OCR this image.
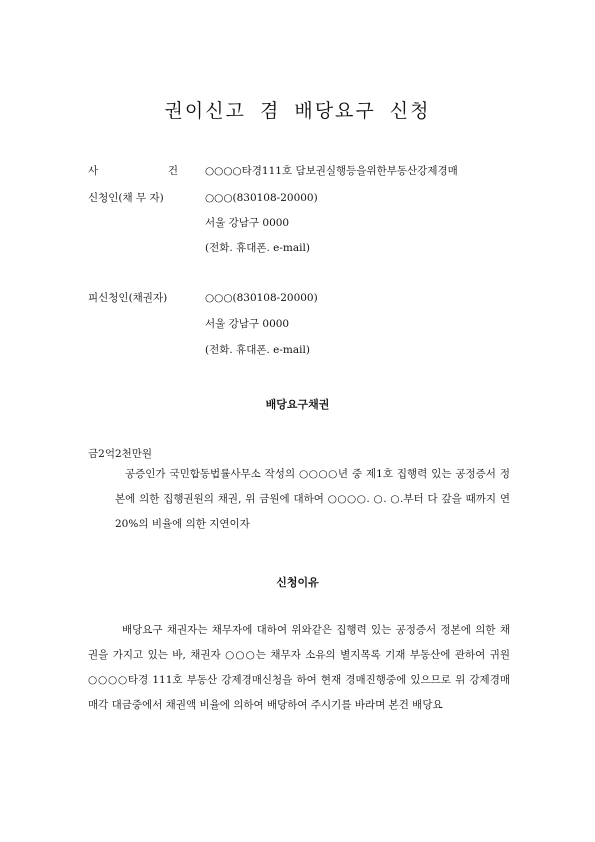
권이신고 겸 배당요구 신청
사	건	○○○○타경111호 담보권실행등을위한부동산강제경매
신청인(채 무 자)	○○○(830108-20000)
서울 강남구 0000
(전화. 휴대폰. e-mail)
피신청인(채권자)	○○○(830108-20000)
서울 강남구 0000
(전화. 휴대폰. e-mail)
배당요구채권
금2억2천만원
공증인가 국민합동법률사무소 작성의 ○○○○년 중 제1호 집행력 있는 공정증서 정본에 의한 집행권원의 채권, 위 금원에 대하여 ○○○○. ○. ○.부터 다 갚을 때까지 연 20%의 비율에 의한 지연이자
신청이유
배당요구 채권자는 채무자에 대하여 위와같은 집행력 있는 공정증서 정본에 의한 채권을 가지고 있는 바, 채권자 ○○○는 채무자 소유의 별지목록 기재 부동산에 관하여 귀원 ○○○○타경 111호 부동산 강제경매신청을 하여 현재 경매진행중에 있으므로 위 강제경매 매각 대금중에서 채권액 비율에 의하여 배당하여 주시기를 바라며 본건 배당요
